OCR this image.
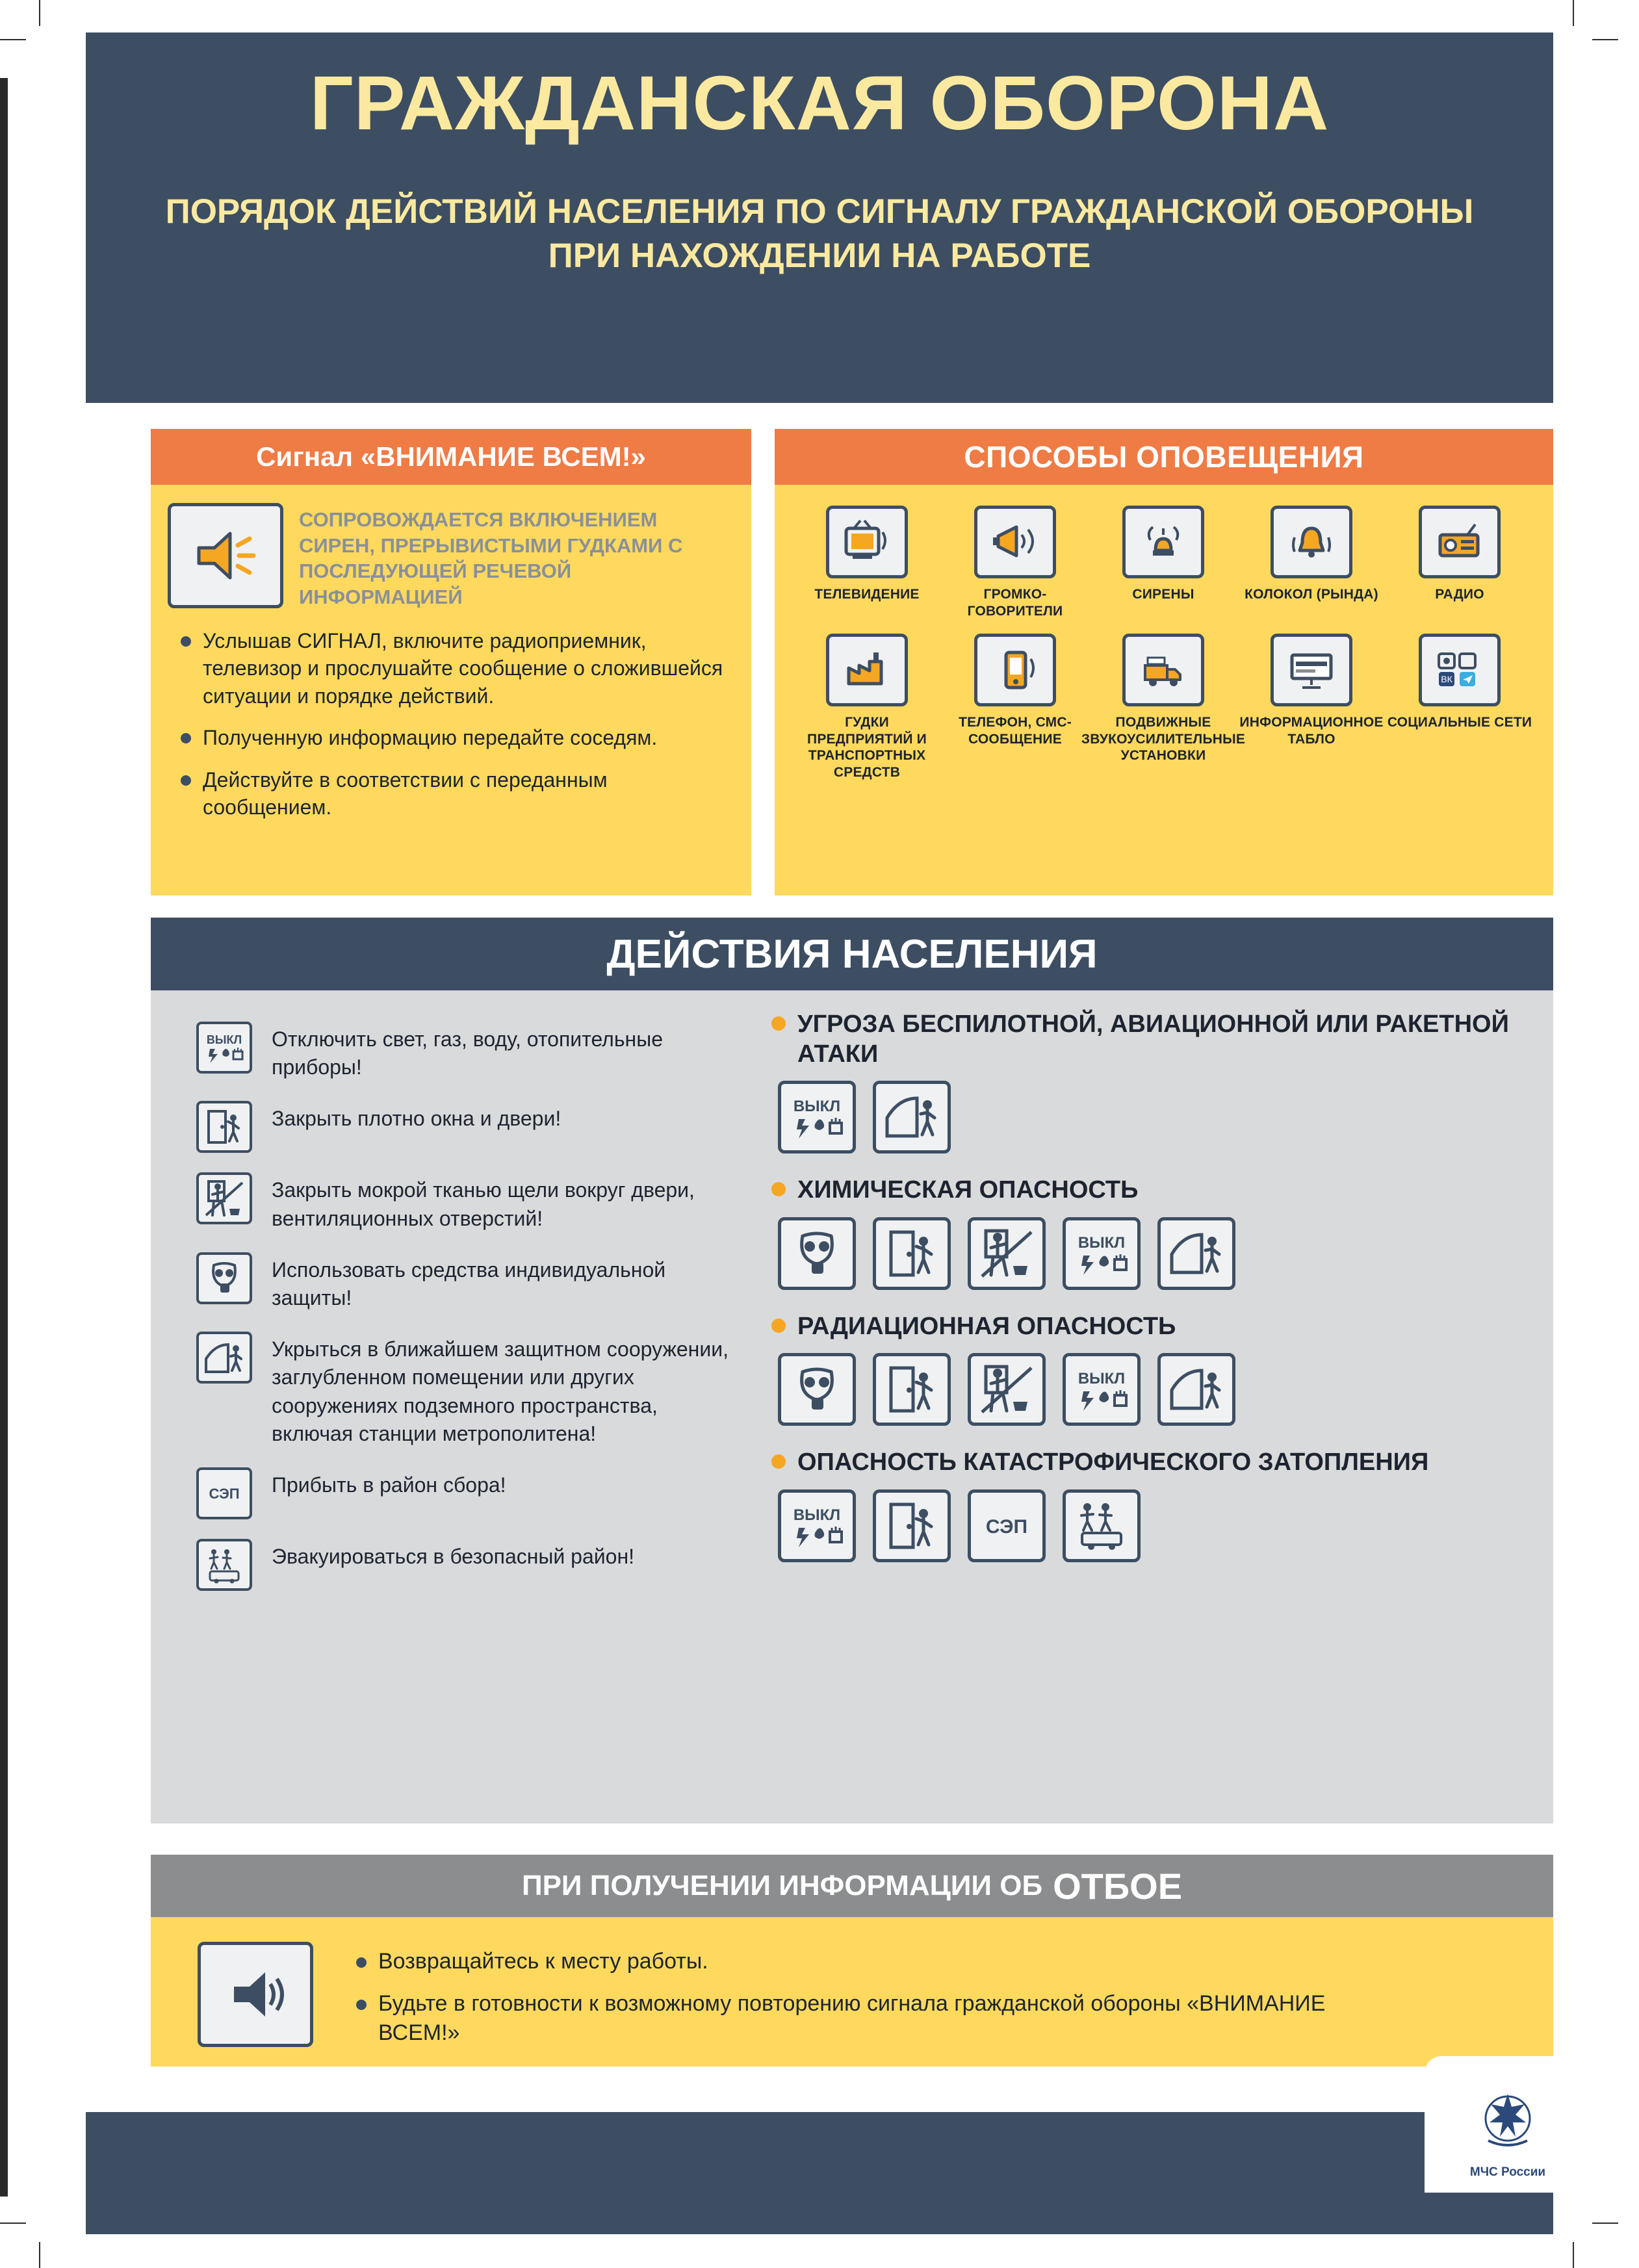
ГРАЖДАНСКАЯ ОБОРОНА
ПОРЯДОК ДЕЙСТВИЙ НАСЕЛЕНИЯ ПО СИГНАЛУ ГРАЖДАНСКОЙ ОБОРОНЫ ПРИ НАХОЖДЕНИИ НА РАБОТЕ
Сигнал «ВНИМАНИЕ ВСЕМ!»
СОПРОВОЖДАЕТСЯ ВКЛЮЧЕНИЕМ СИРЕН, ПРЕРЫВИСТЫМИ ГУДКАМИ С ПОСЛЕДУЮЩЕЙ РЕЧЕВОЙ ИНФОРМАЦИЕЙ
Услышав СИГНАЛ, включите радиоприемник, телевизор и прослушайте сообщение о сложившейся ситуации и порядке действий.
Полученную информацию передайте соседям.
Действуйте в соответствии с переданным сообщением.
СПОСОБЫ ОПОВЕЩЕНИЯ
ТЕЛЕВИДЕНИЕ	ГРОМКО-ГОВОРИТЕЛИ
СИРЕНЫ	КОЛОКОЛ (РЫНДА)	РАДИО
ГУДКИ ПРЕДПРИЯТИЙ И ТРАНСПОРТНЫХ СРЕДСТВ
ТЕЛЕФОН, СМС-СООБЩЕНИЕ
ПОДВИЖНЫЕ ЗВУКОУСИЛИТЕЛЬНЫЕ УСТАНОВКИ
ИНФОРМАЦИОННОЕ ТАБЛО
ВК
СОЦИАЛЬНЫЕ СЕТИ
ДЕЙСТВИЯ НАСЕЛЕНИЯ
ВЫКЛ Отключить свет, газ, воду, отопительные приборы!
Закрыть плотно окна и двери!
Закрыть мокрой тканью щели вокруг двери, вентиляционных отверстий!
Использовать средства индивидуальной защиты!
Укрыться в ближайшем защитном сооружении, заглубленном помещении или других сооружениях подземного пространства, включая станции метрополитена!
СЭП Прибыть в район сбора!
Эвакуироваться в безопасный район!
УГРОЗА БЕСПИЛОТНОЙ, АВИАЦИОННОЙ ИЛИ РАКЕТНОЙ АТАКИ
ВЫКЛ
ХИМИЧЕСКАЯ ОПАСНОСТЬ
ВЫКЛ
РАДИАЦИОННАЯ ОПАСНОСТЬ
ВЫКЛ
ОПАСНОСТЬ КАТАСТРОФИЧЕСКОГО ЗАТОПЛЕНИЯ
ВЫКЛ
СЭП
ПРИ ПОЛУЧЕНИИ ИНФОРМАЦИИ ОБ ОТБОЕ
Возвращайтесь к месту работы.
Будьте в готовности к возможному повторению сигнала гражданской обороны «ВНИМАНИЕ ВСЕМ!»
МЧС России
